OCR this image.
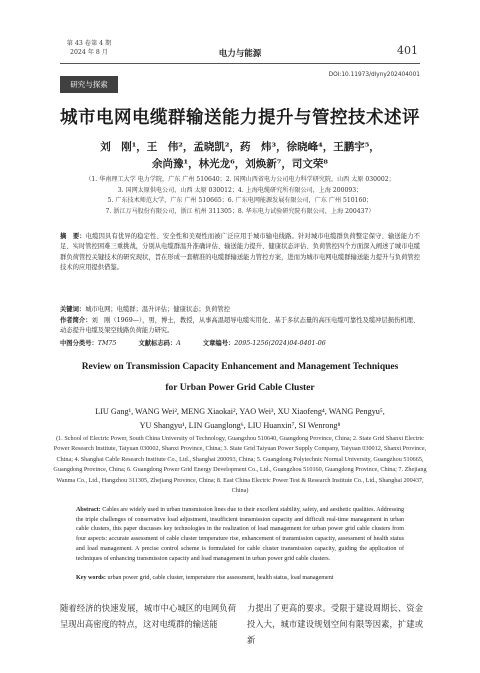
第 43 卷第 4 期
2024 年 8 月	电力与能源	401
研究与探索
DOI:10.11973/dlyny202404001
城市电网电缆群输送能力提升与管控技术述评
刘　刚¹，王　伟²，孟晓凯²，药　炜³，徐晓峰⁴，王鹏宇⁵，
余尚豫¹，林光龙⁶，刘焕新⁷，司文荣⁸
（1. 华南理工大学 电力学院，广东 广州 510640；2. 国网山西省电力公司电力科学研究院，山西 太原 030002；
3. 国网太原供电公司，山西 太原 030012；4. 上海电缆研究所有限公司，上海 200093；
5. 广东技术师范大学，广东 广州 510665；6. 广东电网能源发展有限公司，广东 广州 510160；
7. 浙江万马股份有限公司，浙江 杭州 311305；8. 华东电力试验研究院有限公司，上海 200437）
摘　要：电缆因具有优异的稳定性、安全性和美观性而被广泛应用于城市输电线路。针对城市电缆群负荷整定保守、输送能力不足、实时管控困难三重挑战，分别从电缆群温升准确评估、输送能力提升、健康状态评估、负荷管控四个方面深入阐述了城市电缆群负荷管控关键技术的研究现状，旨在形成一套精准的电缆群输送能力管控方案，进而为城市电网电缆群输送能力提升与负荷管控技术的应用提供借鉴。
关键词：城市电网；电缆群；温升评估；健康状态；负荷管控
作者简介：刘　刚（1969—），男，博士，教授，从事高温超导电缆实用化、基于多状态量的高压电缆可靠性及缆冲层损伤机理、动态提升电缆及架空线路负荷能力研究。
中图分类号：TM75	文献标志码：A	文章编号：2095-1256(2024)04-0401-06
Review on Transmission Capacity Enhancement and Management Techniques
for Urban Power Grid Cable Cluster
LIU Gang¹, WANG Wei², MENG Xiaokai², YAO Wei³, XU Xiaofeng⁴, WANG Pengyu⁵,
YU Shangyu¹, LIN Guanglong⁶, LIU Huanxin⁷, SI Wenrong⁸
(1. School of Electric Power, South China University of Technology, Guangzhou 510640, Guangdong Province, China; 2. State Grid Shanxi Electric Power Research Institute, Taiyuan 030002, Shanxi Province, China; 3. State Grid Taiyuan Power Supply Company, Taiyuan 030012, Shanxi Province, China; 4. Shanghai Cable Research Institute Co., Ltd., Shanghai 200093, China; 5. Guangdong Polytechnic Normal University, Guangzhou 510665, Guangdong Province, China; 6. Guangdong Power Grid Energy Development Co., Ltd., Guangzhou 510160, Guangdong Province, China; 7. Zhejiang Wanma Co., Ltd., Hangzhou 311305, Zhejiang Province, China; 8. East China Electric Power Test & Research Institute Co., Ltd., Shanghai 200437, China)
Abstract: Cables are widely used in urban transmission lines due to their excellent stability, safety, and aesthetic qualities. Addressing the triple challenges of conservative load adjustment, insufficient transmission capacity and difficult real-time management in urban cable clusters, this paper discusses key technologies in the realization of load management for urban power grid cable clusters from four aspects: accurate assessment of cable cluster temperature rise, enhancement of transmission capacity, assessment of health status and load management. A precise control scheme is formulated for cable cluster transmission capacity, guiding the application of techniques of enhancing transmission capacity and load management in urban power grid cable clusters.
Key words: urban power grid, cable cluster, temperature rise assessment, health status, load management
随着经济的快速发展，城市中心城区的电网负荷呈现出高密度的特点，这对电缆群的输送能
力提出了更高的要求。受限于建设周期长、资金投入大，城市建设规划空间有限等因素，扩建或新
